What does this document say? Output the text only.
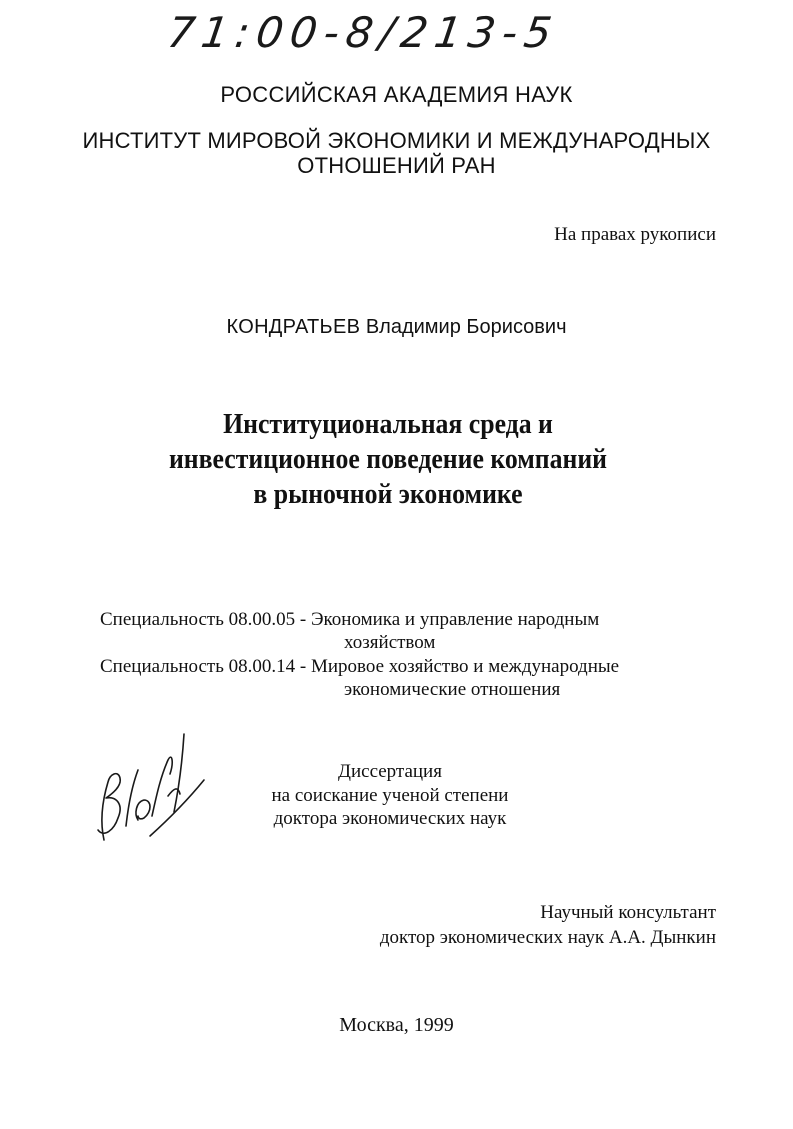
71:00-8/213-5
РОССИЙСКАЯ АКАДЕМИЯ НАУК
ИНСТИТУТ МИРОВОЙ ЭКОНОМИКИ И МЕЖДУНАРОДНЫХ
ОТНОШЕНИЙ РАН
На правах рукописи
КОНДРАТЬЕВ Владимир Борисович
Институциональная среда и
инвестиционное поведение компаний
в рыночной экономике
Специальность 08.00.05 - Экономика и управление народным
хозяйством
Специальность 08.00.14 - Мировое хозяйство и международные
экономические отношения
Диссертация
на соискание ученой степени
доктора экономических наук
Научный консультант
доктор экономических наук А.А. Дынкин
Москва, 1999
